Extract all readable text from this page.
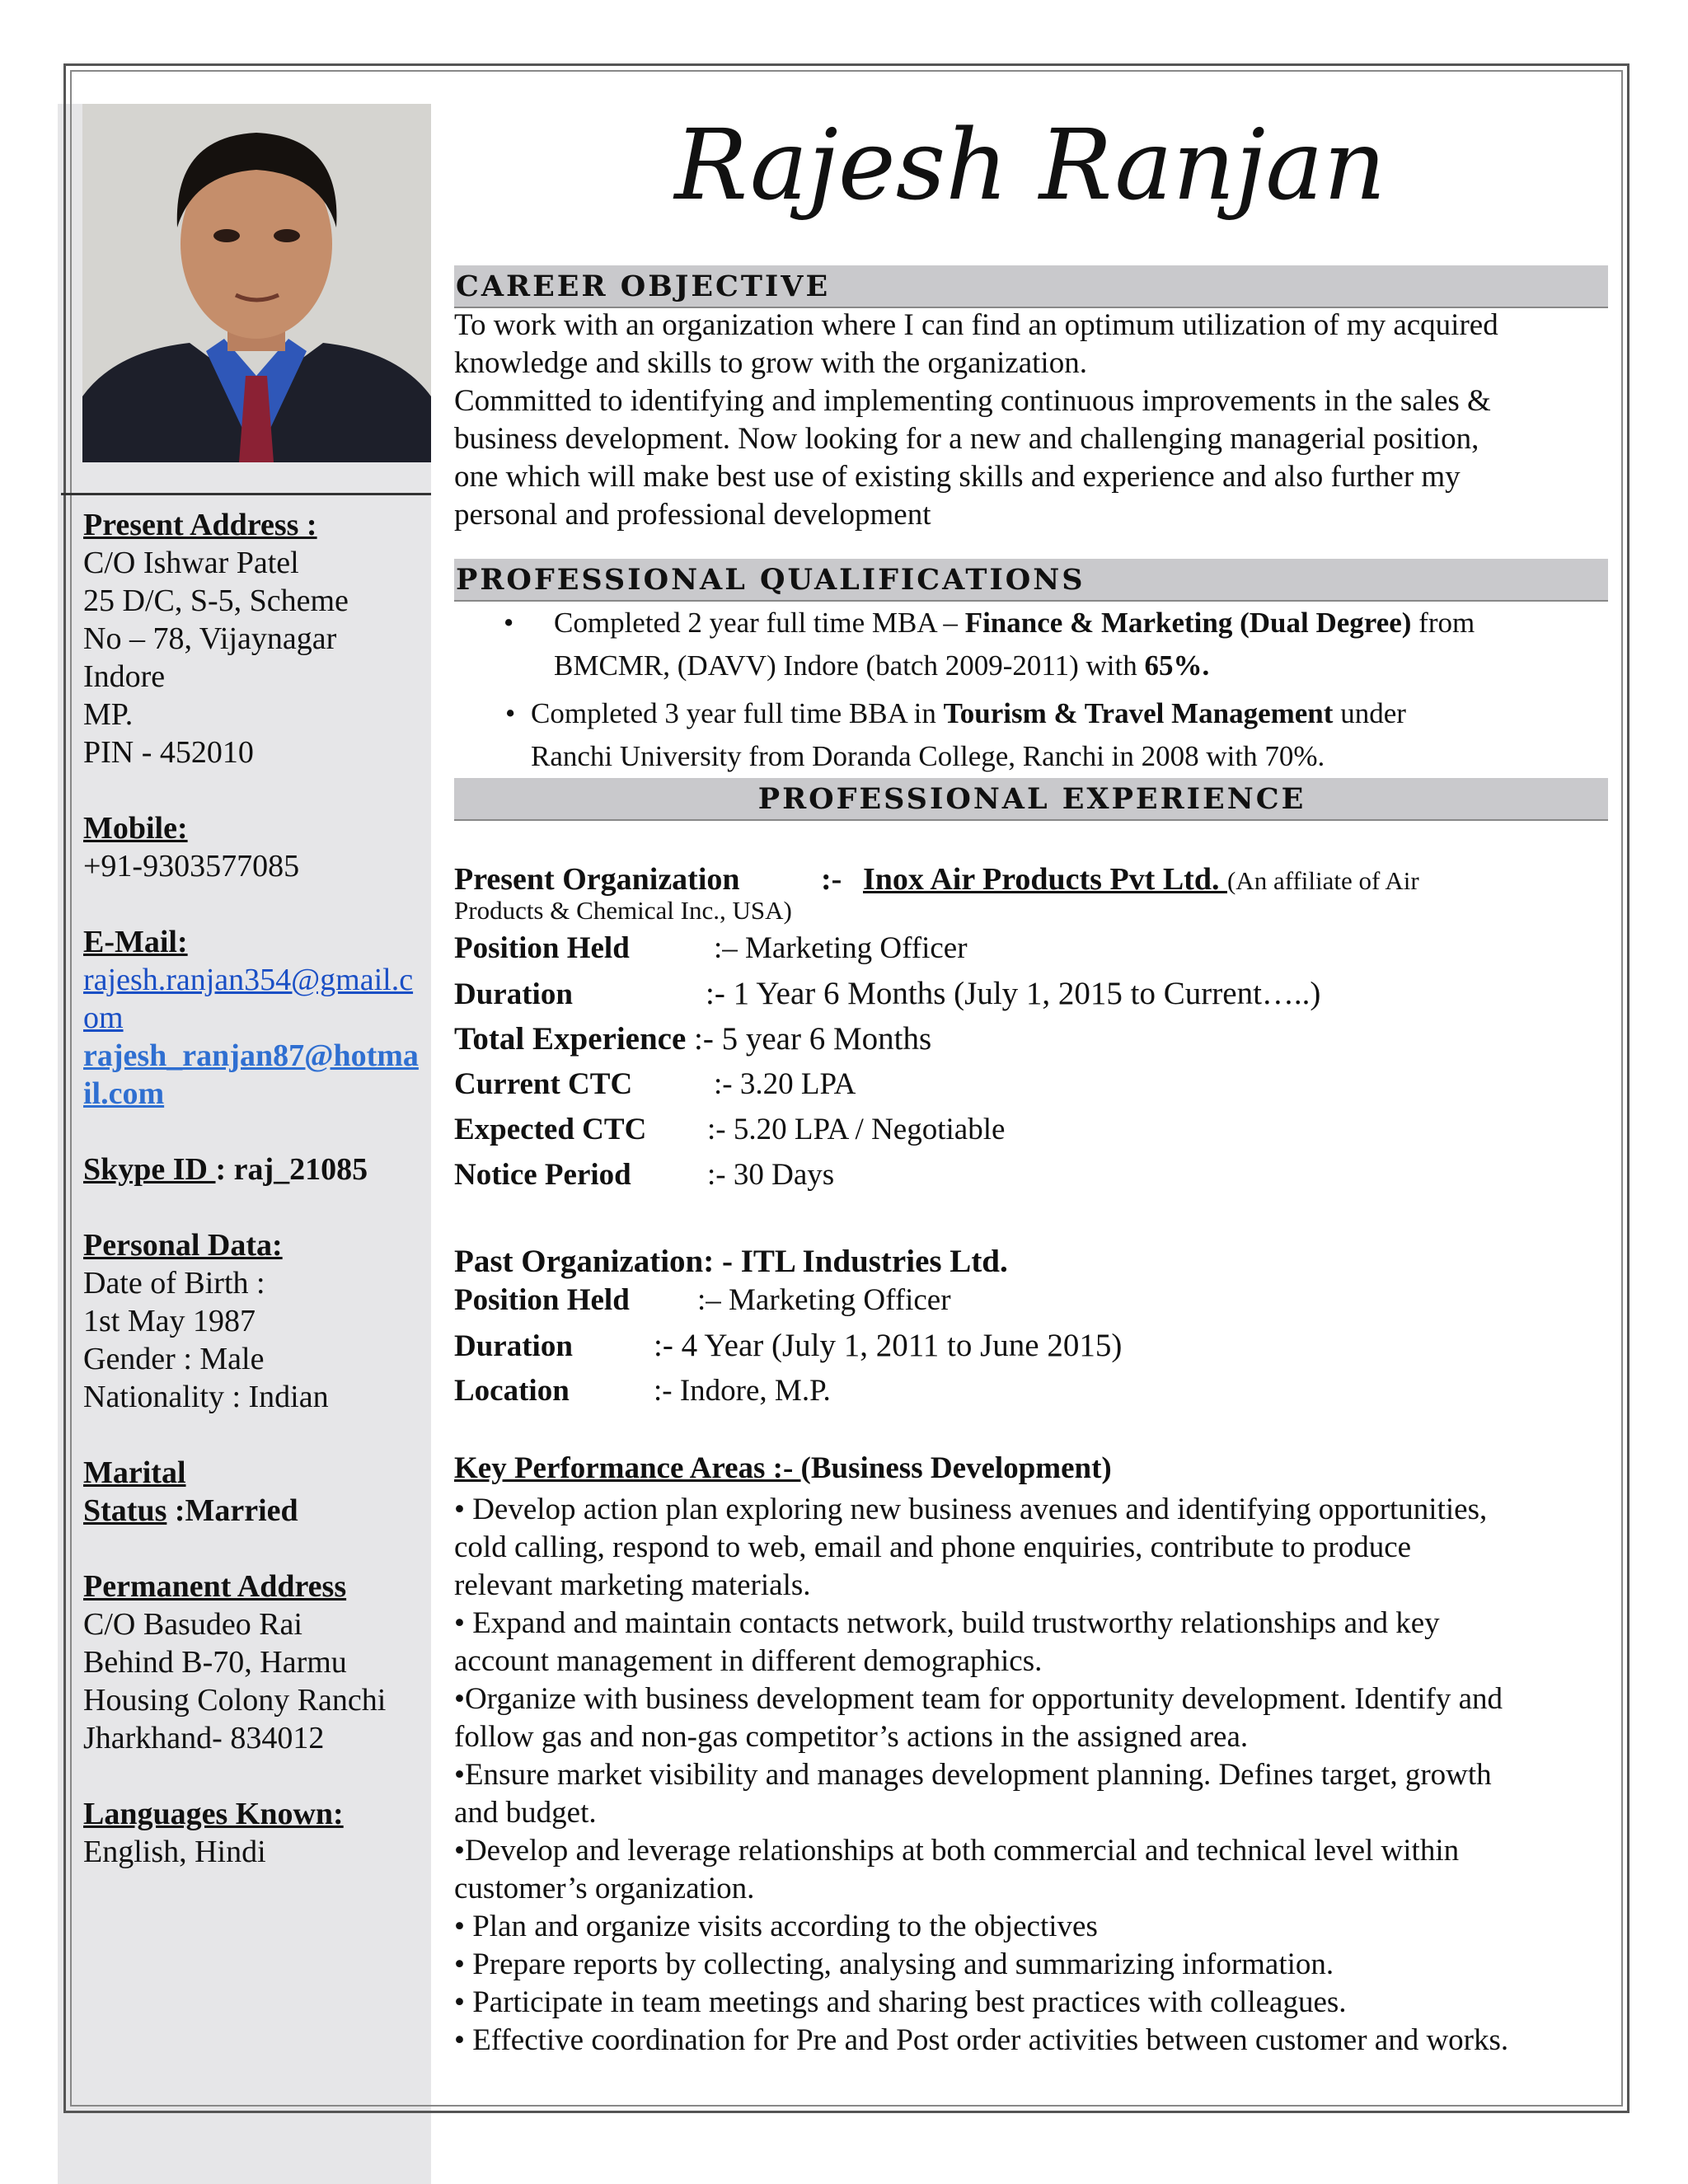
Present Address :
C/O Ishwar Patel
25 D/C, S-5, Scheme
No – 78, Vijaynagar
Indore
MP.
PIN - 452010
Mobile:
+91-9303577085
E-Mail:
rajesh.ranjan354@gmail.com
rajesh_ranjan87@hotmail.com
Skype ID : raj_21085
Personal Data:
Date of Birth :
1st May 1987
Gender : Male
Nationality : Indian
Marital
Status :Married
Permanent Address
C/O Basudeo Rai
Behind B-70, Harmu
Housing Colony Ranchi
Jharkhand- 834012
Languages Known:
English, Hindi
Rajesh Ranjan
CAREER OBJECTIVE
To work with an organization where I can find an optimum utilization of my acquired
knowledge and skills to grow with the organization.
Committed to identifying and implementing continuous improvements in the sales &
business development. Now looking for a new and challenging managerial position,
one which will make best use of existing skills and experience and also further my
personal and professional development
PROFESSIONAL QUALIFICATIONS
• Completed 2 year full time MBA – Finance & Marketing (Dual Degree) from
BMCMR, (DAVV) Indore (batch 2009-2011) with 65%.
• Completed 3 year full time BBA in Tourism & Travel Management under
Ranchi University from Doranda College, Ranchi in 2008 with 70%.
PROFESSIONAL EXPERIENCE
Present Organization	:- Inox Air Products Pvt Ltd. (An affiliate of Air
Products & Chemical Inc., USA)
Position Held	:– Marketing Officer
Duration	:- 1 Year 6 Months (July 1, 2015 to Current…..)
Total Experience :- 5 year 6 Months
Current CTC	:- 3.20 LPA
Expected CTC :- 5.20 LPA / Negotiable
Notice Period :- 30 Days
Past Organization: - ITL Industries Ltd.
Position Held :– Marketing Officer
Duration	:- 4 Year (July 1, 2011 to June 2015)
Location	:- Indore, M.P.

Key Performance Areas :- (Business Development)

• Develop action plan exploring new business avenues and identifying opportunities,

cold calling, respond to web, email and phone enquiries, contribute to produce

relevant marketing materials.

• Expand and maintain contacts network, build trustworthy relationships and key

account management in different demographics.

•Organize with business development team for opportunity development. Identify and

follow gas and non-gas competitor’s actions in the assigned area.

•Ensure market visibility and manages development planning. Defines target, growth

and budget.

•Develop and leverage relationships at both commercial and technical level within

customer’s organization.

• Plan and organize visits according to the objectives

• Prepare reports by collecting, analysing and summarizing information.

• Participate in team meetings and sharing best practices with colleagues.

• Effective coordination for Pre and Post order activities between customer and works.
